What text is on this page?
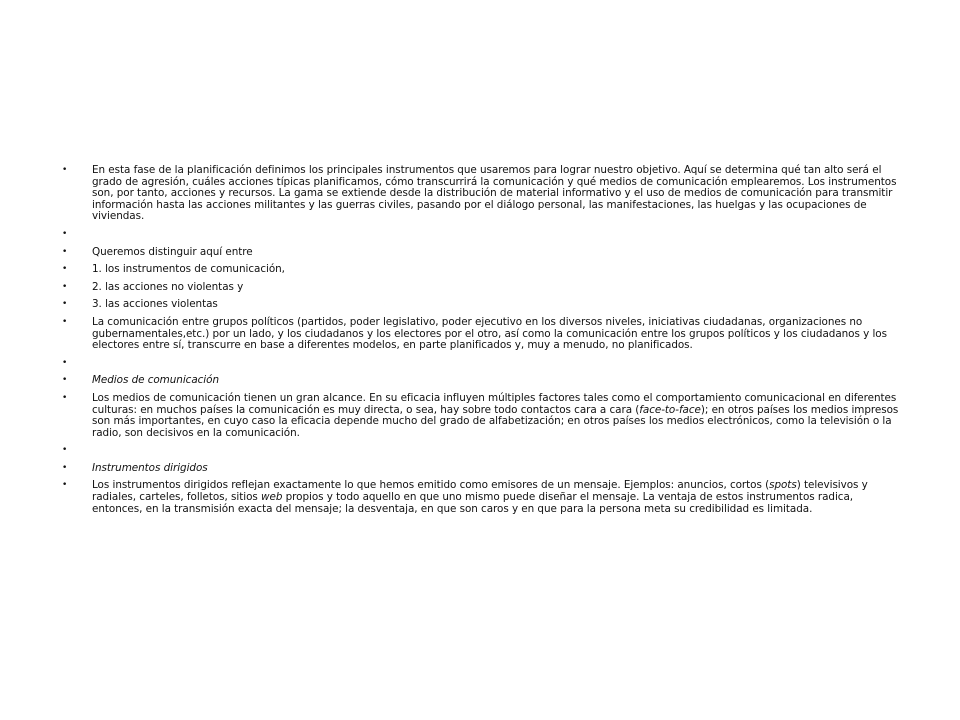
•	En esta fase de la planificación definimos los principales instrumentos que usaremos para lograr nuestro objetivo. Aquí se determina qué tan alto será el grado de agresión, cuáles acciones típicas planificamos, cómo transcurrirá la comunicación y qué medios de comunicación emplearemos. Los instrumentos son, por tanto, acciones y recursos. La gama se extiende desde la distribución de material informativo y el uso de medios de comunicación para transmitir información hasta las acciones militantes y las guerras civiles, pasando por el diálogo personal, las manifestaciones, las huelgas y las ocupaciones de viviendas.
•
•	Queremos distinguir aquí entre
•	1. los instrumentos de comunicación,
•	2. las acciones no violentas y
•	3. las acciones violentas
•	La comunicación entre grupos políticos (partidos, poder legislativo, poder ejecutivo en los diversos niveles, iniciativas ciudadanas, organizaciones no gubernamentales,etc.) por un lado, y los ciudadanos y los electores por el otro, así como la comunicación entre los grupos políticos y los ciudadanos y los electores entre sí, transcurre en base a diferentes modelos, en parte planificados y, muy a menudo, no planificados.
•
•	Medios de comunicación
•	Los medios de comunicación tienen un gran alcance. En su eficacia influyen múltiples factores tales como el comportamiento comunicacional en diferentes culturas: en muchos países la comunicación es muy directa, o sea, hay sobre todo contactos cara a cara (face-to-face); en otros países los medios impresos son más importantes, en cuyo caso la eficacia depende mucho del grado de alfabetización; en otros países los medios electrónicos, como la televisión o la radio, son decisivos en la comunicación.
•
•	Instrumentos dirigidos
•	Los instrumentos dirigidos reflejan exactamente lo que hemos emitido como emisores de un mensaje. Ejemplos: anuncios, cortos (spots) televisivos y radiales, carteles, folletos, sitios web propios y todo aquello en que uno mismo puede diseñar el mensaje. La ventaja de estos instrumentos radica, entonces, en la transmisión exacta del mensaje; la desventaja, en que son caros y en que para la persona meta su credibilidad es limitada.
